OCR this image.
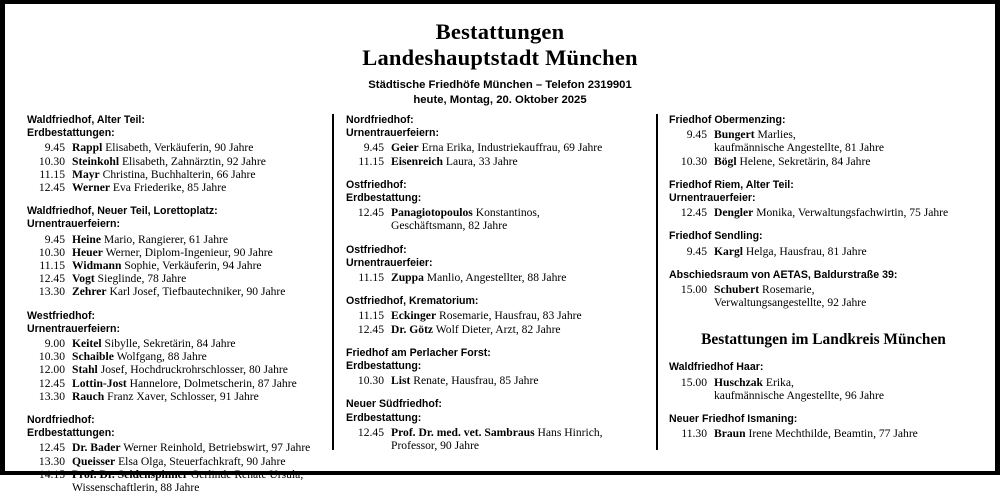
Bestattungen
Landeshauptstadt München
Städtische Friedhöfe München – Telefon 2319901
heute, Montag, 20. Oktober 2025
Waldfriedhof, Alter Teil:
Erdbestattungen:
9.45 Rappl Elisabeth, Verkäuferin, 90 Jahre
10.30 Steinkohl Elisabeth, Zahnärztin, 92 Jahre
11.15 Mayr Christina, Buchhalterin, 66 Jahre
12.45 Werner Eva Friederike, 85 Jahre
Waldfriedhof, Neuer Teil, Lorettoplatz:
Urnentrauerfeiern:
9.45 Heine Mario, Rangierer, 61 Jahre
10.30 Heuer Werner, Diplom-Ingenieur, 90 Jahre
11.15 Widmann Sophie, Verkäuferin, 94 Jahre
12.45 Vogt Sieglinde, 78 Jahre
13.30 Zehrer Karl Josef, Tiefbautechniker, 90 Jahre
Westfriedhof:
Urnentrauerfeiern:
9.00 Keitel Sibylle, Sekretärin, 84 Jahre
10.30 Schaible Wolfgang, 88 Jahre
12.00 Stahl Josef, Hochdruckrohrschlosser, 80 Jahre
12.45 Lottin-Jost Hannelore, Dolmetscherin, 87 Jahre
13.30 Rauch Franz Xaver, Schlosser, 91 Jahre
Nordfriedhof:
Erdbestattungen:
12.45 Dr. Bader Werner Reinhold, Betriebswirt, 97 Jahre
13.30 Queisser Elsa Olga, Steuerfachkraft, 90 Jahre
14.15 Prof. Dr. Seidenspinner Gerlinde Renate Ursula,
Wissenschaftlerin, 88 Jahre
Nordfriedhof:
Urnentrauerfeiern:
9.45 Geier Erna Erika, Industriekauffrau, 69 Jahre
11.15 Eisenreich Laura, 33 Jahre
Ostfriedhof:
Erdbestattung:
12.45 Panagiotopoulos Konstantinos,
Geschäftsmann, 82 Jahre
Ostfriedhof:
Urnentrauerfeier:
11.15 Zuppa Manlio, Angestellter, 88 Jahre
Ostfriedhof, Krematorium:
11.15 Eckinger Rosemarie, Hausfrau, 83 Jahre
12.45 Dr. Götz Wolf Dieter, Arzt, 82 Jahre
Friedhof am Perlacher Forst:
Erdbestattung:
10.30 List Renate, Hausfrau, 85 Jahre
Neuer Südfriedhof:
Erdbestattung:
12.45 Prof. Dr. med. vet. Sambraus Hans Hinrich,
Professor, 90 Jahre
Friedhof Obermenzing:
9.45 Bungert Marlies,
kaufmännische Angestellte, 81 Jahre
10.30 Bögl Helene, Sekretärin, 84 Jahre
Friedhof Riem, Alter Teil:
Urnentrauerfeier:
12.45 Dengler Monika, Verwaltungsfachwirtin, 75 Jahre
Friedhof Sendling:
9.45 Kargl Helga, Hausfrau, 81 Jahre
Abschiedsraum von AETAS, Baldurstraße 39:
15.00 Schubert Rosemarie,
Verwaltungsangestellte, 92 Jahre
Bestattungen im Landkreis München
Waldfriedhof Haar:
15.00 Huschzak Erika,
kaufmännische Angestellte, 96 Jahre
Neuer Friedhof Ismaning:
11.30 Braun Irene Mechthilde, Beamtin, 77 Jahre
